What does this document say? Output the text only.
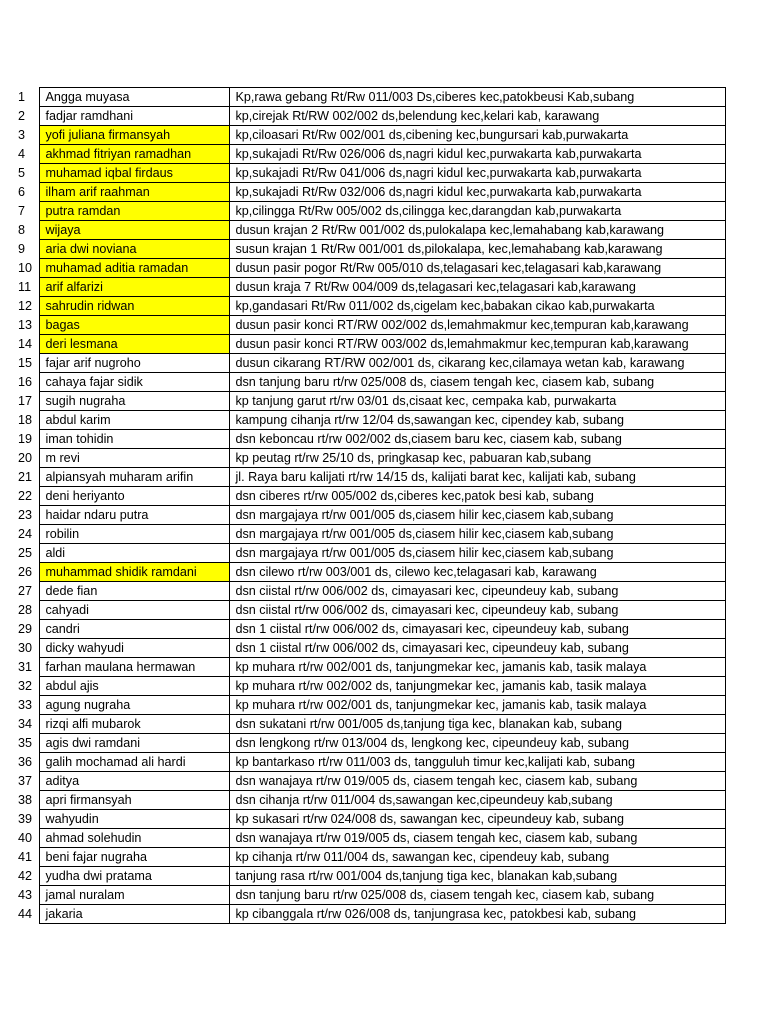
1	Angga muyasa	Kp,rawa gebang Rt/Rw 011/003 Ds,ciberes kec,patokbeusi Kab,subang
2	fadjar ramdhani	kp,cirejak Rt/RW 002/002 ds,belendung kec,kelari kab, karawang
3	yofi juliana firmansyah	kp,ciloasari Rt/Rw 002/001 ds,cibening kec,bungursari kab,purwakarta
4	akhmad fitriyan ramadhan	kp,sukajadi Rt/Rw 026/006 ds,nagri kidul kec,purwakarta kab,purwakarta
5	muhamad iqbal firdaus	kp,sukajadi Rt/Rw 041/006 ds,nagri kidul kec,purwakarta kab,purwakarta
6	ilham arif raahman	kp,sukajadi Rt/Rw 032/006 ds,nagri kidul kec,purwakarta kab,purwakarta
7	putra ramdan	kp,cilingga Rt/Rw 005/002 ds,cilingga kec,darangdan kab,purwakarta
8	wijaya	dusun krajan 2 Rt/Rw 001/002 ds,pulokalapa kec,lemahabang kab,karawang
9	aria dwi noviana	susun krajan 1 Rt/Rw 001/001 ds,pilokalapa, kec,lemahabang kab,karawang
10	muhamad aditia ramadan	dusun pasir pogor Rt/Rw 005/010 ds,telagasari kec,telagasari kab,karawang
11	arif alfarizi	dusun kraja 7 Rt/Rw 004/009 ds,telagasari kec,telagasari kab,karawang
12	sahrudin ridwan	kp,gandasari Rt/Rw 011/002 ds,cigelam kec,babakan cikao kab,purwakarta
13	bagas	dusun pasir konci RT/RW 002/002 ds,lemahmakmur kec,tempuran kab,karawang
14	deri lesmana	dusun pasir konci RT/RW 003/002 ds,lemahmakmur kec,tempuran kab,karawang
15	fajar arif nugroho	dusun cikarang RT/RW 002/001 ds, cikarang kec,cilamaya wetan kab, karawang
16	cahaya fajar sidik	dsn tanjung baru rt/rw 025/008 ds, ciasem tengah kec, ciasem kab, subang
17	sugih nugraha	kp tanjung garut rt/rw 03/01 ds,cisaat kec, cempaka kab, purwakarta
18	abdul karim	kampung cihanja rt/rw 12/04 ds,sawangan kec, cipendey kab, subang
19	iman tohidin	dsn keboncau rt/rw 002/002 ds,ciasem baru kec, ciasem kab, subang
20	m revi	kp peutag rt/rw 25/10 ds, pringkasap kec, pabuaran kab,subang
21	alpiansyah muharam arifin	jl. Raya baru kalijati rt/rw 14/15 ds, kalijati barat kec, kalijati kab, subang
22	deni heriyanto	dsn ciberes rt/rw 005/002 ds,ciberes kec,patok besi kab, subang
23	haidar ndaru putra	dsn margajaya rt/rw 001/005 ds,ciasem hilir kec,ciasem kab,subang
24	robilin	dsn margajaya rt/rw 001/005 ds,ciasem hilir kec,ciasem kab,subang
25	aldi	dsn margajaya rt/rw 001/005 ds,ciasem hilir kec,ciasem kab,subang
26	muhammad shidik ramdani	dsn cilewo rt/rw 003/001 ds, cilewo kec,telagasari kab, karawang
27	dede fian	dsn ciistal rt/rw 006/002 ds, cimayasari kec, cipeundeuy kab, subang
28	cahyadi	dsn ciistal rt/rw 006/002 ds, cimayasari kec, cipeundeuy kab, subang
29	candri	dsn 1 ciistal rt/rw 006/002 ds, cimayasari kec, cipeundeuy kab, subang
30	dicky wahyudi	dsn 1 ciistal rt/rw 006/002 ds, cimayasari kec, cipeundeuy kab, subang
31	farhan maulana hermawan	kp muhara rt/rw 002/001 ds, tanjungmekar kec, jamanis kab, tasik malaya
32	abdul ajis	kp muhara rt/rw 002/002 ds, tanjungmekar kec, jamanis kab, tasik malaya
33	agung nugraha	kp muhara rt/rw 002/001 ds, tanjungmekar kec, jamanis kab, tasik malaya
34	rizqi alfi mubarok	dsn sukatani rt/rw 001/005 ds,tanjung tiga kec, blanakan kab, subang
35	agis dwi ramdani	dsn lengkong rt/rw 013/004 ds, lengkong kec, cipeundeuy kab, subang
36	galih mochamad ali hardi	kp bantarkaso rt/rw 011/003 ds, tangguluh timur kec,kalijati kab, subang
37	aditya	dsn wanajaya rt/rw 019/005 ds, ciasem tengah kec, ciasem kab, subang
38	apri firmansyah	dsn cihanja rt/rw 011/004 ds,sawangan kec,cipeundeuy kab,subang
39	wahyudin	kp sukasari rt/rw 024/008 ds, sawangan kec, cipeundeuy kab, subang
40	ahmad solehudin	dsn wanajaya rt/rw 019/005 ds, ciasem tengah kec, ciasem kab, subang
41	beni fajar nugraha	kp cihanja rt/rw 011/004 ds, sawangan kec, cipendeuy kab, subang
42	yudha dwi pratama	tanjung rasa rt/rw 001/004 ds,tanjung tiga kec, blanakan kab,subang
43	jamal nuralam	dsn tanjung baru rt/rw 025/008 ds, ciasem tengah kec, ciasem kab, subang
44	jakaria	kp cibanggala rt/rw 026/008 ds, tanjungrasa kec, patokbesi kab, subang
